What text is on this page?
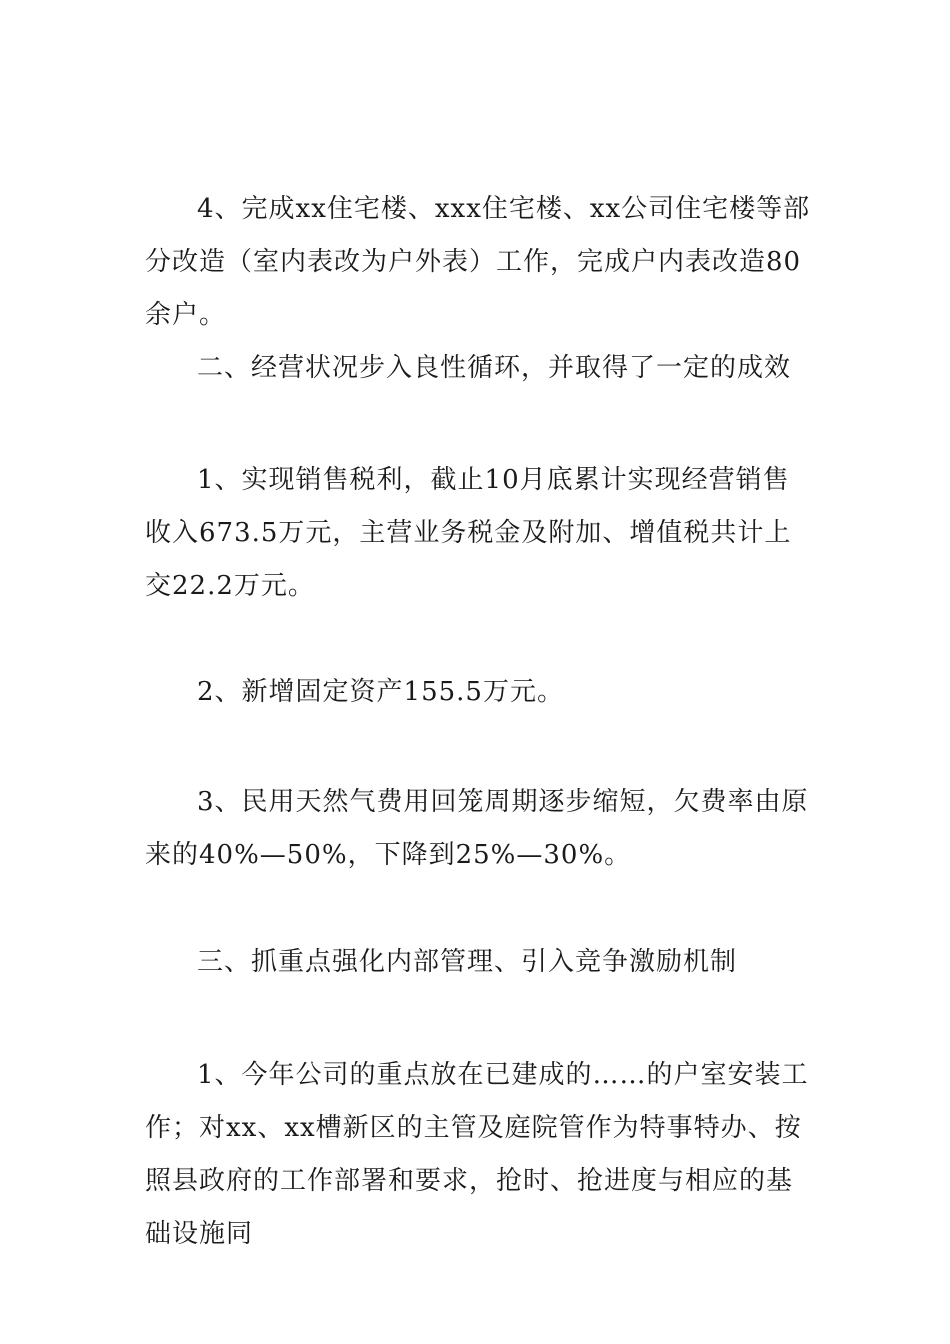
4、完成xx住宅楼、xxx住宅楼、xx公司住宅楼等部分改造（室内表改为户外表）工作，完成户内表改造80余户。

二、经营状况步入良性循环，并取得了一定的成效

1、实现销售税利，截止10月底累计实现经营销售收入673.5万元，主营业务税金及附加、增值税共计上交22.2万元。

2、新增固定资产155.5万元。

3、民用天然气费用回笼周期逐步缩短，欠费率由原来的40%—50%，下降到25%—30%。

三、抓重点强化内部管理、引入竞争激励机制

1、今年公司的重点放在已建成的……的户室安装工作；对xx、xx槽新区的主管及庭院管作为特事特办、按照县政府的工作部署和要求，抢时、抢进度与相应的基础设施同
